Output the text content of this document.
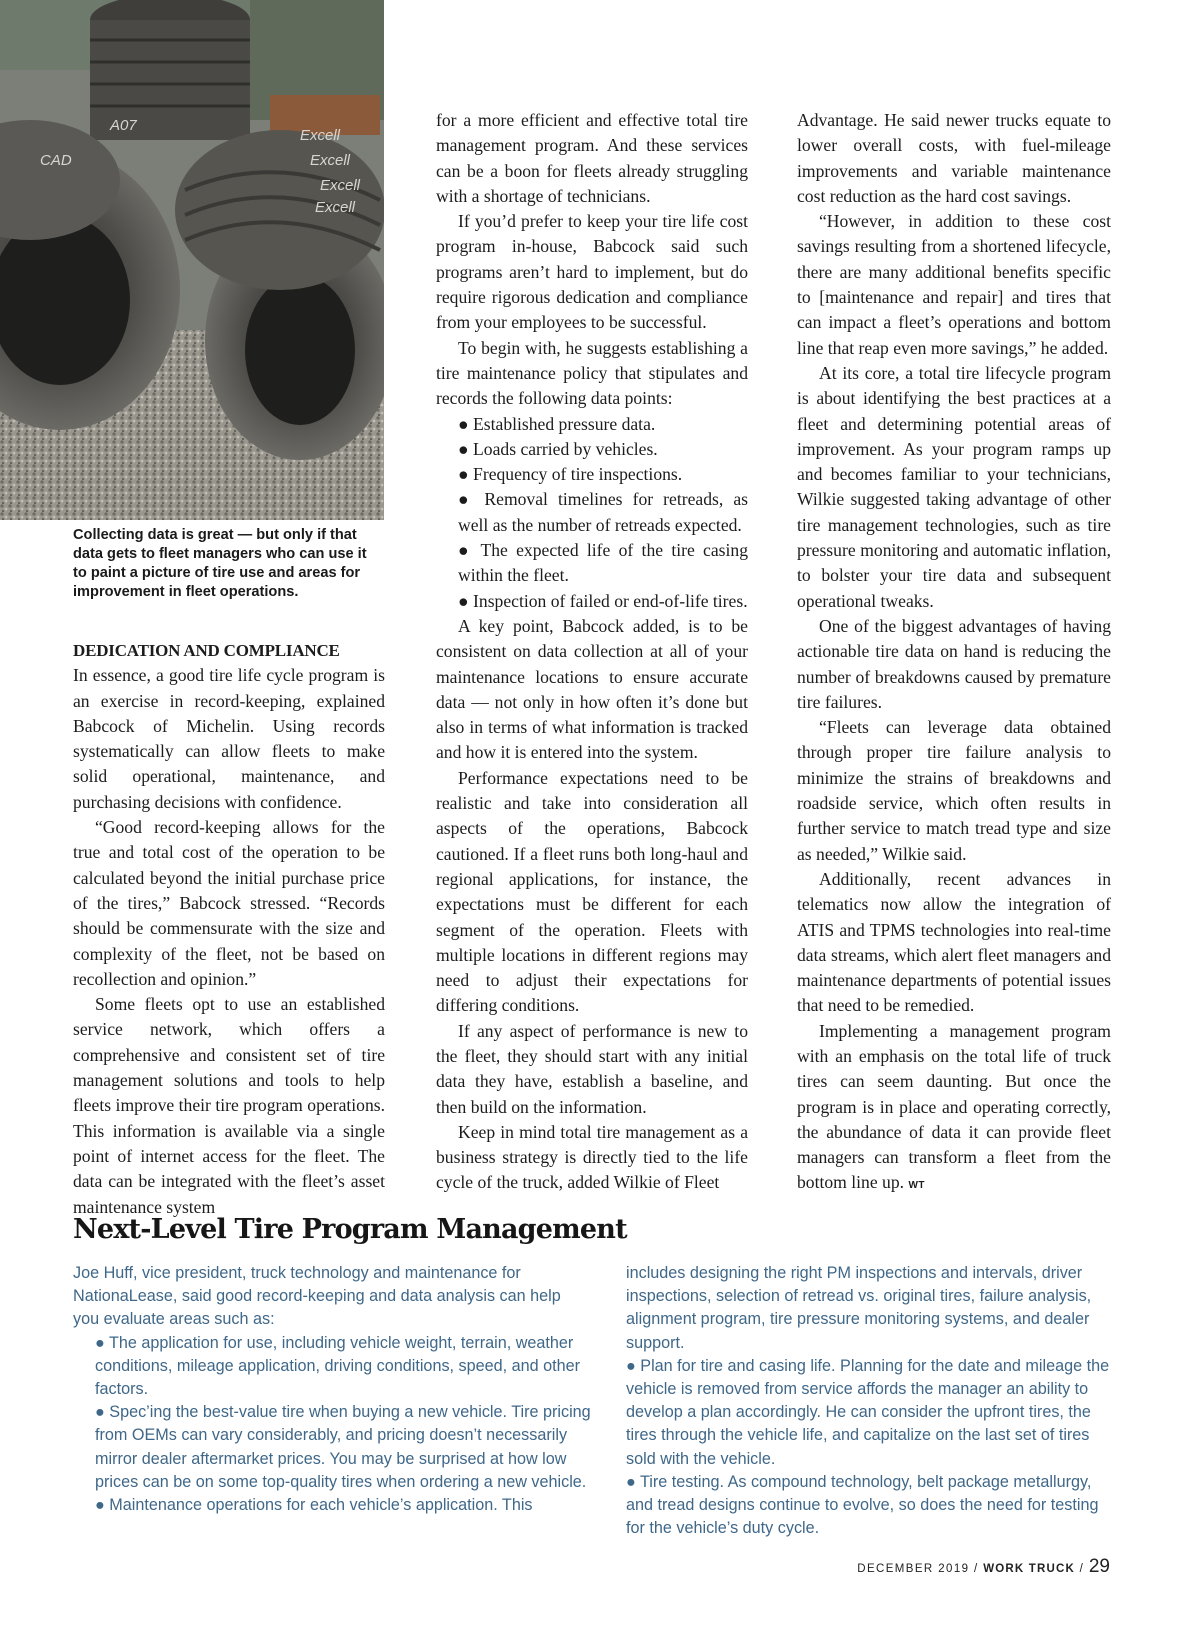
Excell
Excell
Excell
Excell
CAD
A07
Collecting data is great — but only if that data gets to fleet managers who can use it to paint a picture of tire use and areas for improvement in fleet operations.
DEDICATION AND COMPLIANCE

In essence, a good tire life cycle program is an exercise in record-keeping, explained Babcock of Michelin. Using records systematically can allow fleets to make solid operational, maintenance, and purchasing decisions with confidence.

“Good record-keeping allows for the true and total cost of the operation to be calculated beyond the initial purchase price of the tires,” Babcock stressed. “Records should be commensurate with the size and complexity of the fleet, not be based on recollection and opinion.”

Some fleets opt to use an established service network, which offers a comprehensive and consistent set of tire management solutions and tools to help fleets improve their tire program operations. This information is available via a single point of internet access for the fleet. The data can be integrated with the fleet’s asset maintenance system

for a more efficient and effective total tire management program. And these services can be a boon for fleets already struggling with a shortage of technicians.

If you’d prefer to keep your tire life cost program in-house, Babcock said such programs aren’t hard to implement, but do require rigorous dedication and compliance from your employees to be successful.

To begin with, he suggests establishing a tire maintenance policy that stipulates and records the following data points:

● Established pressure data.

● Loads carried by vehicles.

● Frequency of tire inspections.

● Removal timelines for retreads, as well as the number of retreads expected.

● The expected life of the tire casing within the fleet.

● Inspection of failed or end-of-life tires.

A key point, Babcock added, is to be consistent on data collection at all of your maintenance locations to ensure accurate data — not only in how often it’s done but also in terms of what information is tracked and how it is entered into the system.

Performance expectations need to be realistic and take into consideration all aspects of the operations, Babcock cautioned. If a fleet runs both long-haul and regional applications, for instance, the expectations must be different for each segment of the operation. Fleets with multiple locations in different regions may need to adjust their expectations for differing conditions.

If any aspect of performance is new to the fleet, they should start with any initial data they have, establish a baseline, and then build on the information.

Keep in mind total tire management as a business strategy is directly tied to the life cycle of the truck, added Wilkie of Fleet

Advantage. He said newer trucks equate to lower overall costs, with fuel-mileage improvements and variable maintenance cost reduction as the hard cost savings.

“However, in addition to these cost savings resulting from a shortened lifecycle, there are many additional benefits specific to [maintenance and repair] and tires that can impact a fleet’s operations and bottom line that reap even more savings,” he added.

At its core, a total tire lifecycle program is about identifying the best practices at a fleet and determining potential areas of improvement. As your program ramps up and becomes familiar to your technicians, Wilkie suggested taking advantage of other tire management technologies, such as tire pressure monitoring and automatic inflation, to bolster your tire data and subsequent operational tweaks.

One of the biggest advantages of having actionable tire data on hand is reducing the number of breakdowns caused by premature tire failures.

“Fleets can leverage data obtained through proper tire failure analysis to minimize the strains of breakdowns and roadside service, which often results in further service to match tread type and size as needed,” Wilkie said.

Additionally, recent advances in telematics now allow the integration of ATIS and TPMS technologies into real-time data streams, which alert fleet managers and maintenance departments of potential issues that need to be remedied.

Implementing a management program with an emphasis on the total life of truck tires can seem daunting. But once the program is in place and operating correctly, the abundance of data it can provide fleet managers can transform a fleet from the bottom line up. WT

Next-Level Tire Program Management

Joe Huff, vice president, truck technology and maintenance for NationaLease, said good record-keeping and data analysis can help you evaluate areas such as:

● The application for use, including vehicle weight, terrain, weather conditions, mileage application, driving conditions, speed, and other factors.

● Spec’ing the best-value tire when buying a new vehicle. Tire pricing from OEMs can vary considerably, and pricing doesn’t necessarily mirror dealer aftermarket prices. You may be surprised at how low prices can be on some top-quality tires when ordering a new vehicle.

● Maintenance operations for each vehicle’s application. This

includes designing the right PM inspections and intervals, driver inspections, selection of retread vs. original tires, failure analysis, alignment program, tire pressure monitoring systems, and dealer support.

● Plan for tire and casing life. Planning for the date and mileage the vehicle is removed from service affords the manager an ability to develop a plan accordingly. He can consider the upfront tires, the tires through the vehicle life, and capitalize on the last set of tires sold with the vehicle.

● Tire testing. As compound technology, belt package metallurgy, and tread designs continue to evolve, so does the need for testing for the vehicle’s duty cycle.

DECEMBER 2019 / WORK TRUCK / 29
